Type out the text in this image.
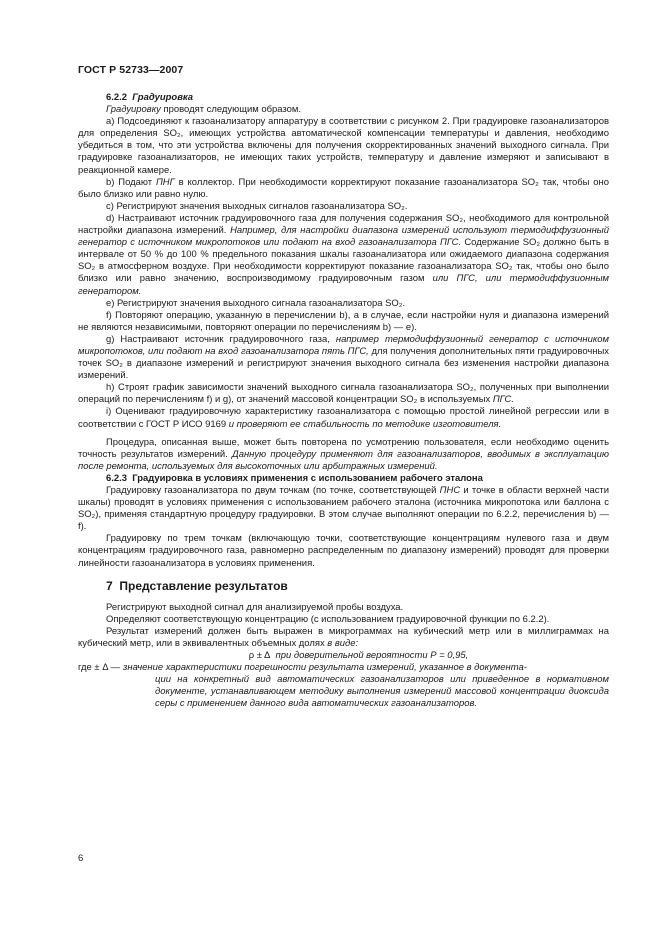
ГОСТ Р 52733—2007

6.2.2 Градуировка

Градуировку проводят следующим образом.

а) Подсоединяют к газоанализатору аппаратуру в соответствии с рисунком 2. При градуировке газоанализаторов для определения SO₂, имеющих устройства автоматической компенсации температуры и давления, необходимо убедиться в том, что эти устройства включены для получения скорректированных значений выходного сигнала. При градуировке газоанализаторов, не имеющих таких устройств, температуру и давление измеряют и записывают в реакционной камере.

b) Подают ПНГ в коллектор. При необходимости корректируют показание газоанализатора SO₂ так, чтобы оно было близко или равно нулю.

с) Регистрируют значения выходных сигналов газоанализатора SO₂.

d) Настраивают источник градуировочного газа для получения содержания SO₂, необходимого для контрольной настройки диапазона измерений. Например, для настройки диапазона измерений используют термодиффузионный генератор с источником микропотоков или подают на вход газоанализатора ПГС. Содержание SO₂ должно быть в интервале от 50 % до 100 % предельного показания шкалы газоанализатора или ожидаемого диапазона содержания SO₂ в атмосферном воздухе. При необходимости корректируют показание газоанализатора SO₂ так, чтобы оно было близко или равно значению, воспроизводимому градуировочным газом или ПГС, или термодиффузионным генератором.

е) Регистрируют значения выходного сигнала газоанализатора SO₂.

f) Повторяют операцию, указанную в перечислении b), а в случае, если настройки нуля и диапазона измерений не являются независимыми, повторяют операции по перечислениям b) — e).

g) Настраивают источник градуировочного газа, например термодиффузионный генератор с источником микропотоков, или подают на вход газоанализатора пять ПГС, для получения дополнительных пяти градуировочных точек SO₂ в диапазоне измерений и регистрируют значения выходного сигнала без изменения настройки диапазона измерений.

h) Строят график зависимости значений выходного сигнала газоанализатора SO₂, полученных при выполнении операций по перечислениям f) и g), от значений массовой концентрации SO₂ в используемых ПГС.

i) Оценивают градуировочную характеристику газоанализатора с помощью простой линейной регрессии или в соответствии с ГОСТ Р ИСО 9169 и проверяют ее стабильность по методике изготовителя.

Процедура, описанная выше, может быть повторена по усмотрению пользователя, если необходимо оценить точность результатов измерений. Данную процедуру применяют для газоанализаторов, вводимых в эксплуатацию после ремонта, используемых для высокоточных или арбитражных измерений.

6.2.3 Градуировка в условиях применения с использованием рабочего эталона

Градуировку газоанализатора по двум точкам (по точке, соответствующей ПНС и точке в области верхней части шкалы) проводят в условиях применения с использованием рабочего эталона (источника микропотока или баллона с SO₂), применяя стандартную процедуру градуировки. В этом случае выполняют операции по 6.2.2, перечисления b) — f).

Градуировку по трем точкам (включающую точки, соответствующие концентрациям нулевого газа и двум концентрациям градуировочного газа, равномерно распределенным по диапазону измерений) проводят для проверки линейности газоанализатора в условиях применения.

7 Представление результатов

Регистрируют выходной сигнал для анализируемой пробы воздуха.

Определяют соответствующую концентрацию (с использованием градуировочной функции по 6.2.2).

Результат измерений должен быть выражен в микрограммах на кубический метр или в миллиграммах на кубический метр, или в эквивалентных объемных долях в виде:

ρ ± Δ при доверительной вероятности Р = 0,95,

где ± Δ — значение характеристики погрешности результата измерений, указанное в документа-
ции на конкретный вид автоматических газоанализаторов или приведенное в нормативном документе, устанавливающем методику выполнения измерений массовой концентрации диоксида серы с применением данного вида автоматических газоанализаторов.
6
